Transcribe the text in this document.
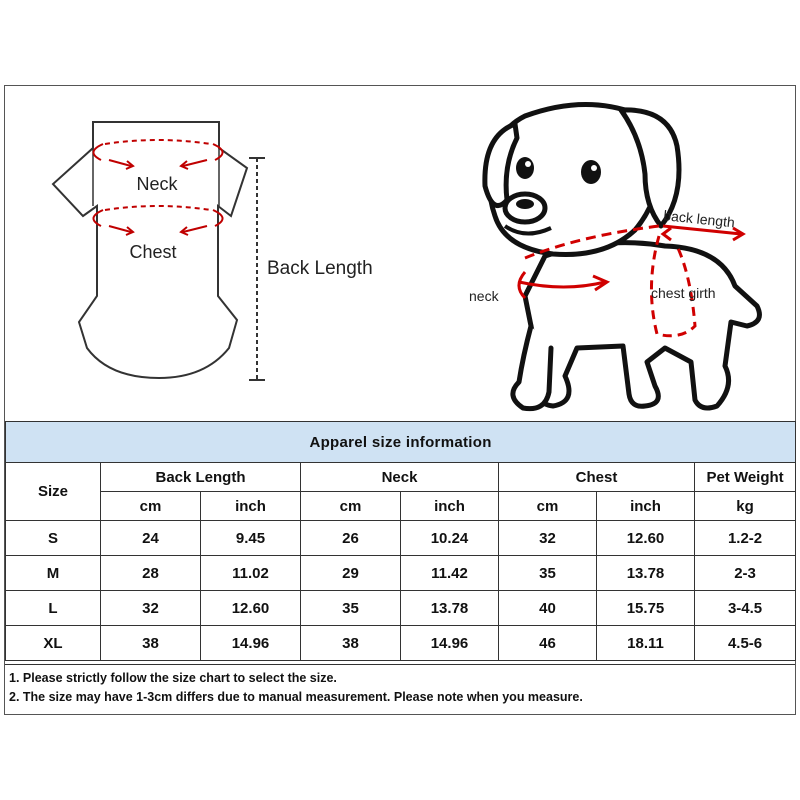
Neck
Chest
Back Length
neck
back length
chest girth
Apparel size information							
Size	Back Length		Neck		Chest		Pet Weight
	cm	inch	cm	inch	cm	inch	kg
S	24	9.45	26	10.24	32	12.60	1.2-2
M	28	11.02	29	11.42	35	13.78	2-3
L	32	12.60	35	13.78	40	15.75	3-4.5
XL	38	14.96	38	14.96	46	18.11	4.5-6
1. Please strictly follow the size chart to select the size.
2. The size may have 1-3cm differs due to manual measurement. Please note when you measure.
